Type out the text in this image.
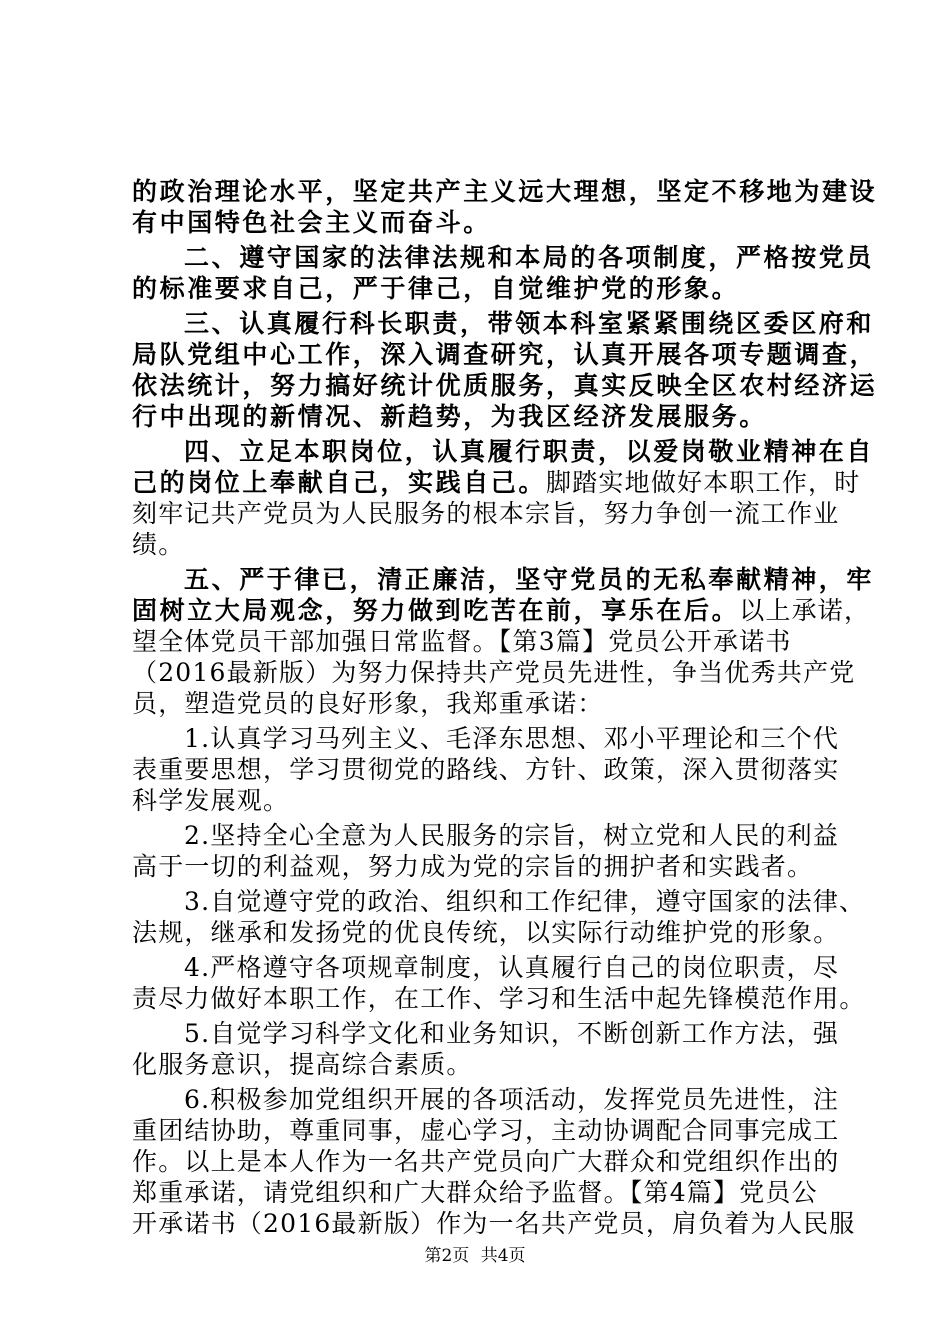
的政治理论水平，坚定共产主义远大理想，坚定不移地为建设
有中国特色社会主义而奋斗。
二、遵守国家的法律法规和本局的各项制度，严格按党员
的标准要求自己，严于律己，自觉维护党的形象。
三、认真履行科长职责，带领本科室紧紧围绕区委区府和
局队党组中心工作，深入调查研究，认真开展各项专题调查，
依法统计，努力搞好统计优质服务，真实反映全区农村经济运
行中出现的新情况、新趋势，为我区经济发展服务。
四、立足本职岗位，认真履行职责，以爱岗敬业精神在自
己的岗位上奉献自己，实践自己。脚踏实地做好本职工作，时
刻牢记共产党员为人民服务的根本宗旨，努力争创一流工作业
绩。
五、严于律已，清正廉洁，坚守党员的无私奉献精神，牢
固树立大局观念，努力做到吃苦在前，享乐在后。以上承诺，
望全体党员干部加强日常监督。【第3篇】党员公开承诺书
（2016最新版）为努力保持共产党员先进性，争当优秀共产党
员，塑造党员的良好形象，我郑重承诺：
1.认真学习马列主义、毛泽东思想、邓小平理论和三个代
表重要思想，学习贯彻党的路线、方针、政策，深入贯彻落实
科学发展观。
2.坚持全心全意为人民服务的宗旨，树立党和人民的利益
高于一切的利益观，努力成为党的宗旨的拥护者和实践者。
3.自觉遵守党的政治、组织和工作纪律，遵守国家的法律、
法规，继承和发扬党的优良传统，以实际行动维护党的形象。
4.严格遵守各项规章制度，认真履行自己的岗位职责，尽
责尽力做好本职工作，在工作、学习和生活中起先锋模范作用。
5.自觉学习科学文化和业务知识，不断创新工作方法，强
化服务意识，提高综合素质。
6.积极参加党组织开展的各项活动，发挥党员先进性，注
重团结协助，尊重同事，虚心学习，主动协调配合同事完成工
作。以上是本人作为一名共产党员向广大群众和党组织作出的
郑重承诺，请党组织和广大群众给予监督。【第4篇】党员公
开承诺书（2016最新版）作为一名共产党员，肩负着为人民服
第2页 共4页
